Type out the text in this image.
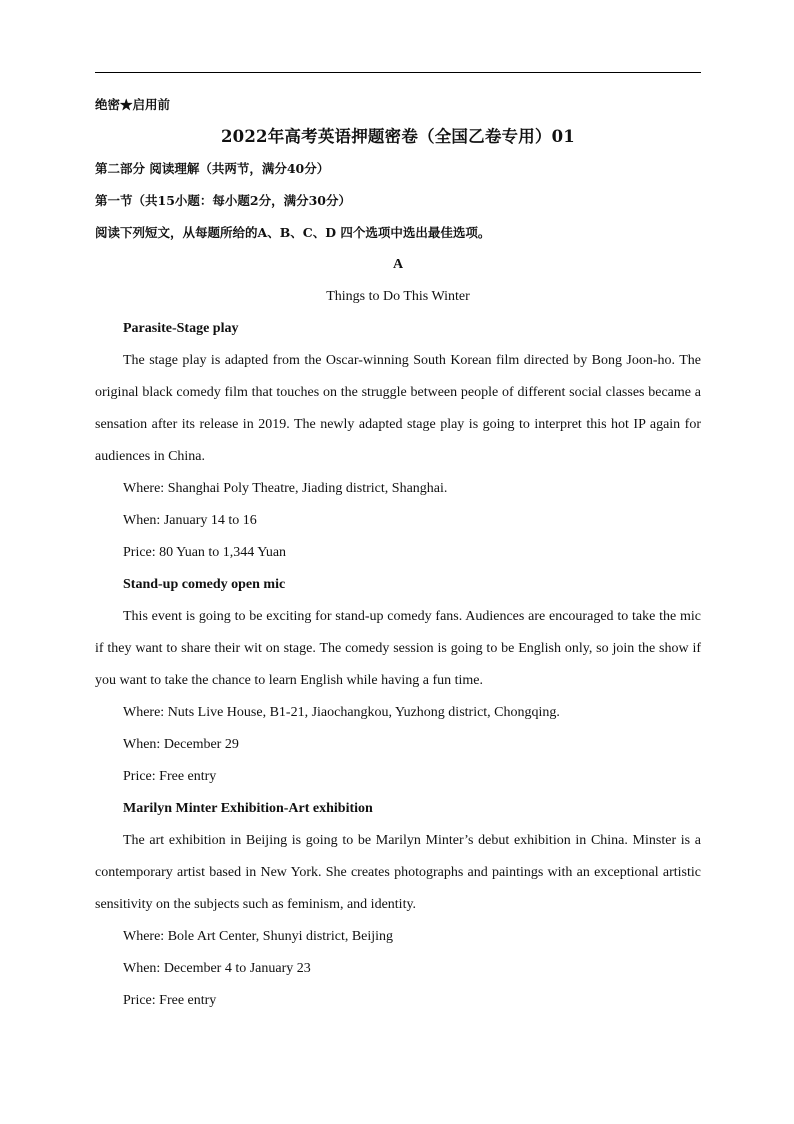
绝密★启用前
2022年高考英语押题密卷（全国乙卷专用）01
第二部分 阅读理解（共两节，满分40分）
第一节（共15小题：每小题2分，满分30分）
阅读下列短文，从每题所给的A、B、C、D 四个选项中选出最佳选项。
A
Things to Do This Winter
Parasite-Stage play

The stage play is adapted from the Oscar-winning South Korean film directed by Bong Joon-ho. The original black comedy film that touches on the struggle between people of different social classes became a sensation after its release in 2019. The newly adapted stage play is going to interpret this hot IP again for audiences in China.

Where: Shanghai Poly Theatre, Jiading district, Shanghai.
When: January 14 to 16
Price: 80 Yuan to 1,344 Yuan
Stand-up comedy open mic

This event is going to be exciting for stand-up comedy fans. Audiences are encouraged to take the mic if they want to share their wit on stage. The comedy session is going to be English only, so join the show if you want to take the chance to learn English while having a fun time.

Where: Nuts Live House, B1-21, Jiaochangkou, Yuzhong district, Chongqing.
When: December 29
Price: Free entry
Marilyn Minter Exhibition-Art exhibition

The art exhibition in Beijing is going to be Marilyn Minter’s debut exhibition in China. Minster is a contemporary artist based in New York. She creates photographs and paintings with an exceptional artistic sensitivity on the subjects such as feminism, and identity.

Where: Bole Art Center, Shunyi district, Beijing
When: December 4 to January 23
Price: Free entry
